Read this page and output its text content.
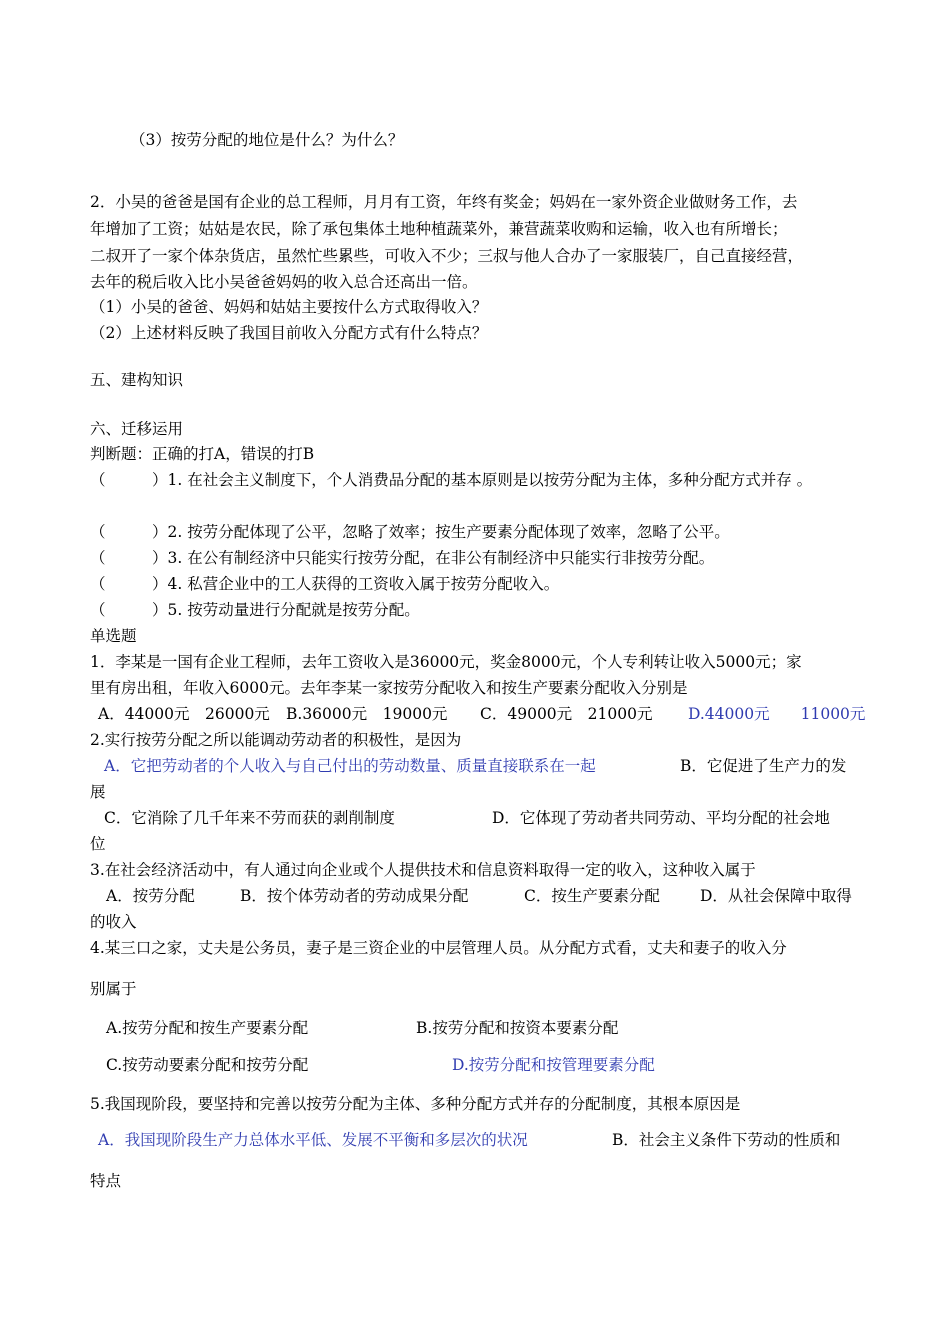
（3）按劳分配的地位是什么？为什么？
2．小吴的爸爸是国有企业的总工程师，月月有工资，年终有奖金；妈妈在一家外资企业做财务工作，去
年增加了工资；姑姑是农民，除了承包集体土地种植蔬菜外，兼营蔬菜收购和运输，收入也有所增长；
二叔开了一家个体杂货店，虽然忙些累些，可收入不少；三叔与他人合办了一家服装厂，自己直接经营，
去年的税后收入比小吴爸爸妈妈的收入总合还高出一倍。
（1）小吴的爸爸、妈妈和姑姑主要按什么方式取得收入？
（2）上述材料反映了我国目前收入分配方式有什么特点？
五、建构知识
六、迁移运用
判断题：正确的打A，错误的打B
（　　　）1. 在社会主义制度下，个人消费品分配的基本原则是以按劳分配为主体，多种分配方式并存 。
（　　　）2. 按劳分配体现了公平，忽略了效率；按生产要素分配体现了效率，忽略了公平。
（　　　）3. 在公有制经济中只能实行按劳分配，在非公有制经济中只能实行非按劳分配。
（　　　）4. 私营企业中的工人获得的工资收入属于按劳分配收入。
（　　　）5. 按劳动量进行分配就是按劳分配。
单选题
1．李某是一国有企业工程师，去年工资收入是36000元，奖金8000元，个人专利转让收入5000元；家
里有房出租，年收入6000元。去年李某一家按劳分配收入和按生产要素分配收入分别是
A．44000元　26000元 B.36000元　19000元 C．49000元　21000元 D.44000元　　11000元
2.实行按劳分配之所以能调动劳动者的积极性，是因为
A．它把劳动者的个人收入与自己付出的劳动数量、质量直接联系在一起	B．它促进了生产力的发
展
C．它消除了几千年来不劳而获的剥削制度	D．它体现了劳动者共同劳动、平均分配的社会地
位
3.在社会经济活动中，有人通过向企业或个人提供技术和信息资料取得一定的收入，这种收入属于
A．按劳分配	B．按个体劳动者的劳动成果分配	C．按生产要素分配	D．从社会保障中取得
的收入
4.某三口之家，丈夫是公务员，妻子是三资企业的中层管理人员。从分配方式看，丈夫和妻子的收入分
别属于
A.按劳分配和按生产要素分配	B.按劳分配和按资本要素分配
C.按劳动要素分配和按劳分配	D.按劳分配和按管理要素分配
5.我国现阶段，要坚持和完善以按劳分配为主体、多种分配方式并存的分配制度，其根本原因是
A．我国现阶段生产力总体水平低、发展不平衡和多层次的状况	B．社会主义条件下劳动的性质和
特点
